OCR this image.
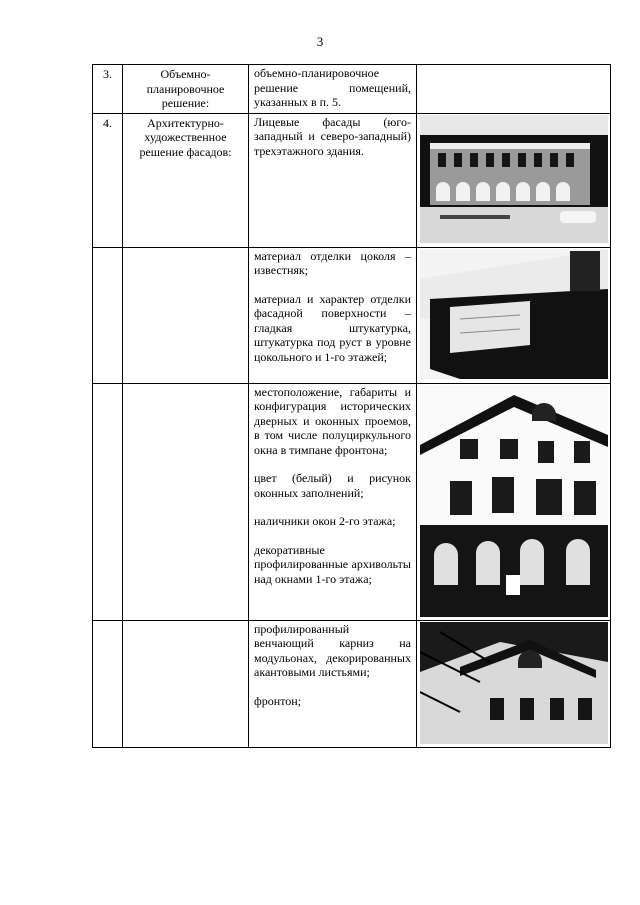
3
3.	Объемно-планировочное решение:	объемно-планировочное решение помещений, указанных в п. 5.	

4.	Архитектурно-художественное решение фасадов:	Лицевые фасады (юго-западный и северо-западный) трехэтажного здания.

		материал отделки цоколя – известняк;

материал и характер отделки фасадной поверхности – гладкая штукатурка, штукатурка под руст в уровне цокольного и 1-го этажей;

		местоположение, габариты и конфигурация исторических дверных и оконных проемов, в том числе полуциркульного окна в тимпане фронтона;

цвет (белый) и рисунок оконных заполнений;

наличники окон 2-го этажа;

декоративные профилированные архивольты над окнами 1-го этажа;

		профилированный венчающий карниз на модульонах, декорированных акантовыми листьями;

фронтон;
